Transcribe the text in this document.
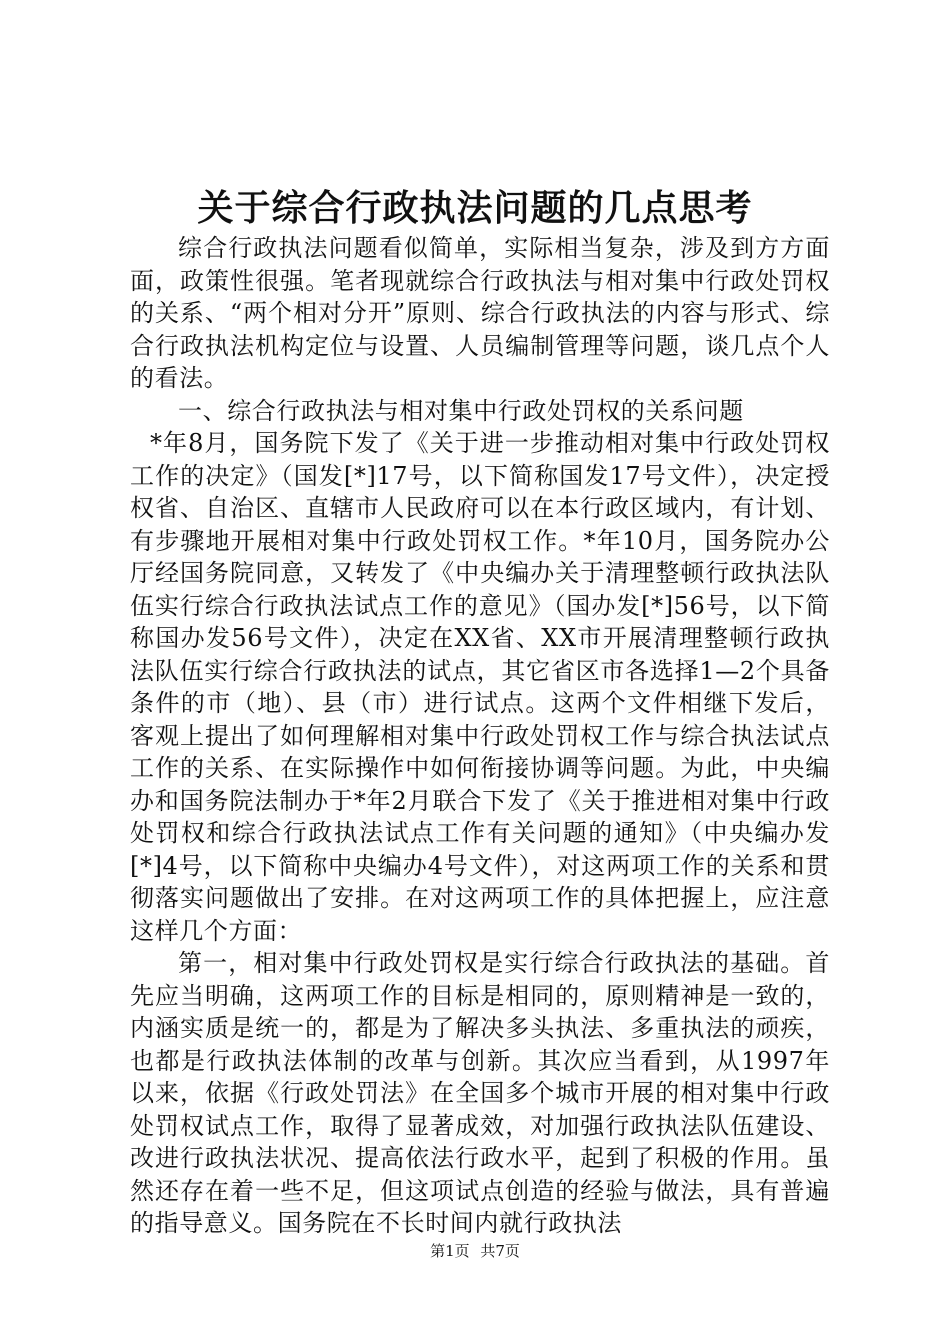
关于综合行政执法问题的几点思考

综合行政执法问题看似简单，实际相当复杂，涉及到方方面面，政策性很强。笔者现就综合行政执法与相对集中行政处罚权的关系、“两个相对分开”原则、综合行政执法的内容与形式、综合行政执法机构定位与设置、人员编制管理等问题，谈几点个人的看法。

一、综合行政执法与相对集中行政处罚权的关系问题

*年8月，国务院下发了《关于进一步推动相对集中行政处罚权工作的决定》（国发[*]17号，以下简称国发17号文件），决定授权省、自治区、直辖市人民政府可以在本行政区域内，有计划、有步骤地开展相对集中行政处罚权工作。*年10月，国务院办公厅经国务院同意，又转发了《中央编办关于清理整顿行政执法队伍实行综合行政执法试点工作的意见》（国办发[*]56号，以下简称国办发56号文件），决定在XX省、XX市开展清理整顿行政执法队伍实行综合行政执法的试点，其它省区市各选择1—2个具备条件的市（地）、县（市）进行试点。这两个文件相继下发后，客观上提出了如何理解相对集中行政处罚权工作与综合执法试点工作的关系、在实际操作中如何衔接协调等问题。为此，中央编办和国务院法制办于*年2月联合下发了《关于推进相对集中行政处罚权和综合行政执法试点工作有关问题的通知》（中央编办发[*]4号，以下简称中央编办4号文件），对这两项工作的关系和贯彻落实问题做出了安排。在对这两项工作的具体把握上，应注意这样几个方面：

第一，相对集中行政处罚权是实行综合行政执法的基础。首先应当明确，这两项工作的目标是相同的，原则精神是一致的，内涵实质是统一的，都是为了解决多头执法、多重执法的顽疾，也都是行政执法体制的改革与创新。其次应当看到，从1997年以来，依据《行政处罚法》在全国多个城市开展的相对集中行政处罚权试点工作，取得了显著成效，对加强行政执法队伍建设、改进行政执法状况、提高依法行政水平，起到了积极的作用。虽然还存在着一些不足，但这项试点创造的经验与做法，具有普遍的指导意义。国务院在不长时间内就行政执法

第1页 共7页
